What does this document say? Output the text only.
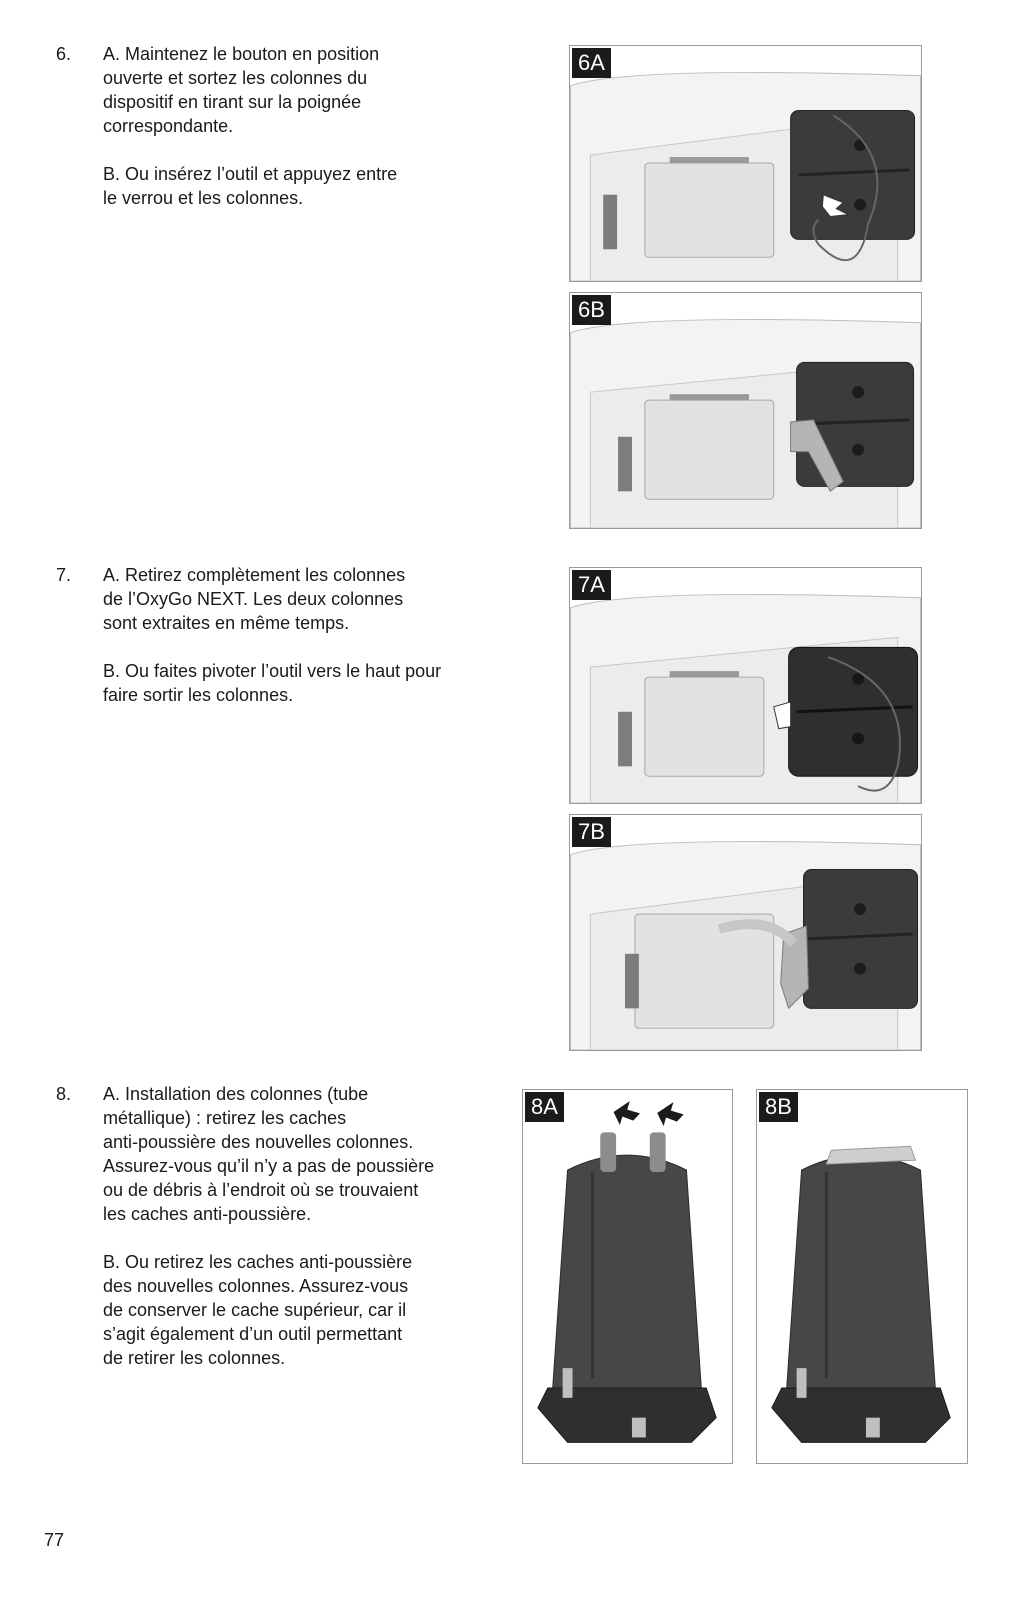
6. A. Maintenez le bouton en position
ouverte et sortez les colonnes du
dispositif en tirant sur la poignée
correspondante.

B. Ou insérez l’outil et appuyez entre
le verrou et les colonnes.

7. A. Retirez complètement les colonnes
de l’OxyGo NEXT. Les deux colonnes
sont extraites en même temps.

B. Ou faites pivoter l’outil vers le haut pour
faire sortir les colonnes.

8. A. Installation des colonnes (tube
métallique) : retirez les caches
anti-poussière des nouvelles colonnes.
Assurez-vous qu’il n’y a pas de poussière
ou de débris à l’endroit où se trouvaient
les caches anti-poussière.

B. Ou retirez les caches anti-poussière
des nouvelles colonnes. Assurez-vous
de conserver le cache supérieur, car il
s’agit également d’un outil permettant
de retirer les colonnes.

6A
6B
7A
7B
8A	8B
77
